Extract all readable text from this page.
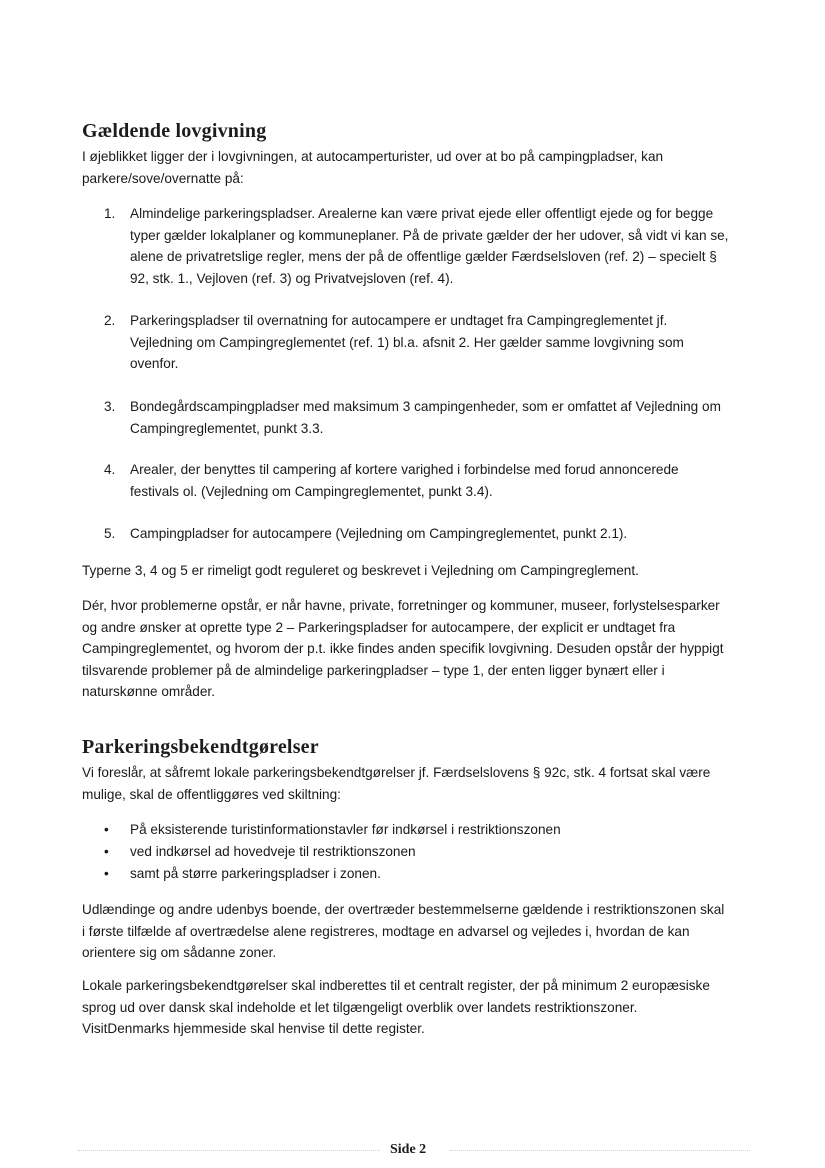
Gældende lovgivning
I øjeblikket ligger der i lovgivningen, at autocamperturister, ud over at bo på campingpladser, kan
parkere/sove/overnatte på:
1. Almindelige parkeringspladser. Arealerne kan være privat ejede eller offentligt ejede og for begge
typer gælder lokalplaner og kommuneplaner. På de private gælder der her udover, så vidt vi kan se,
alene de privatretslige regler, mens der på de offentlige gælder Færdselsloven (ref. 2) – specielt §
92, stk. 1., Vejloven (ref. 3) og Privatvejsloven (ref. 4).
2. Parkeringspladser til overnatning for autocampere er undtaget fra Campingreglementet jf.
Vejledning om Campingreglementet (ref. 1) bl.a. afsnit 2. Her gælder samme lovgivning som
ovenfor.
3. Bondegårdscampingpladser med maksimum 3 campingenheder, som er omfattet af Vejledning om
Campingreglementet, punkt 3.3.
4. Arealer, der benyttes til campering af kortere varighed i forbindelse med forud annoncerede
festivals ol. (Vejledning om Campingreglementet, punkt 3.4).
5. Campingpladser for autocampere (Vejledning om Campingreglementet, punkt 2.1).
Typerne 3, 4 og 5 er rimeligt godt reguleret og beskrevet i Vejledning om Campingreglement.
Dér, hvor problemerne opstår, er når havne, private, forretninger og kommuner, museer, forlystelsesparker
og andre ønsker at oprette type 2 – Parkeringspladser for autocampere, der explicit er undtaget fra
Campingreglementet, og hvorom der p.t. ikke findes anden specifik lovgivning. Desuden opstår der hyppigt
tilsvarende problemer på de almindelige parkeringpladser – type 1, der enten ligger bynært eller i
naturskønne områder.
Parkeringsbekendtgørelser
Vi foreslår, at såfremt lokale parkeringsbekendtgørelser jf. Færdselslovens § 92c, stk. 4 fortsat skal være
mulige, skal de offentliggøres ved skiltning:
• På eksisterende turistinformationstavler før indkørsel i restriktionszonen
• ved indkørsel ad hovedveje til restriktionszonen
• samt på større parkeringspladser i zonen.
Udlændinge og andre udenbys boende, der overtræder bestemmelserne gældende i restriktionszonen skal
i første tilfælde af overtrædelse alene registreres, modtage en advarsel og vejledes i, hvordan de kan
orientere sig om sådanne zoner.
Lokale parkeringsbekendtgørelser skal indberettes til et centralt register, der på minimum 2 europæsiske
sprog ud over dansk skal indeholde et let tilgængeligt overblik over landets restriktionszoner.
VisitDenmarks hjemmeside skal henvise til dette register.
Side 2
